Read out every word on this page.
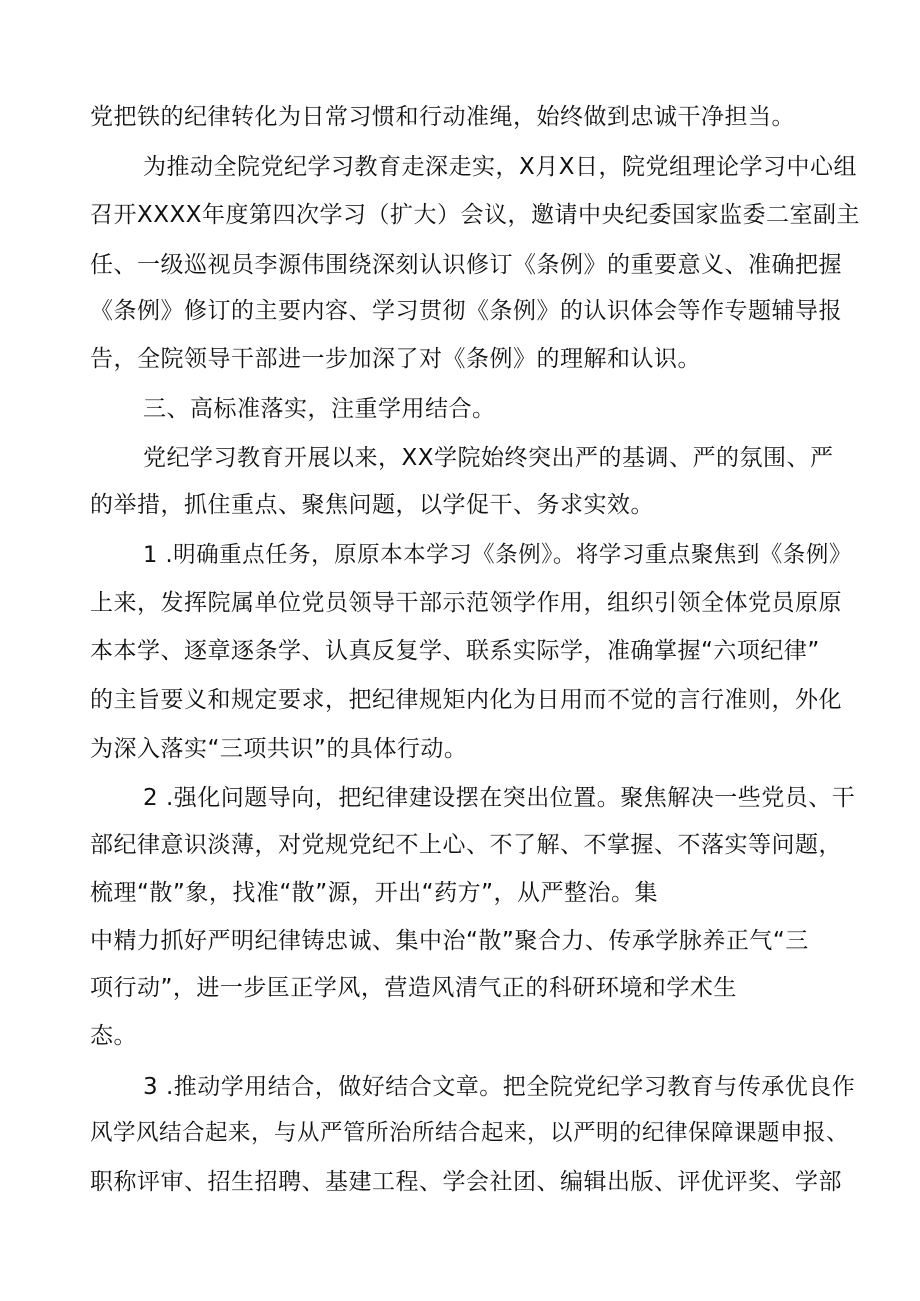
党把铁的纪律转化为日常习惯和行动准绳，始终做到忠诚干净担当。
为推动全院党纪学习教育走深走实，X月X日，院党组理论学习中心组
召开XXXX年度第四次学习（扩大）会议，邀请中央纪委国家监委二室副主
任、一级巡视员李源伟围绕深刻认识修订《条例》的重要意义、准确把握
《条例》修订的主要内容、学习贯彻《条例》的认识体会等作专题辅导报
告，全院领导干部进一步加深了对《条例》的理解和认识。
三、高标准落实，注重学用结合。
党纪学习教育开展以来，XX学院始终突出严的基调、严的氛围、严
的举措，抓住重点、聚焦问题，以学促干、务求实效。
1 .明确重点任务，原原本本学习《条例》。将学习重点聚焦到《条例》
上来，发挥院属单位党员领导干部示范领学作用，组织引领全体党员原原
本本学、逐章逐条学、认真反复学、联系实际学，准确掌握“六项纪律”
的主旨要义和规定要求，把纪律规矩内化为日用而不觉的言行准则，外化
为深入落实“三项共识”的具体行动。
2 .强化问题导向，把纪律建设摆在突出位置。聚焦解决一些党员、干
部纪律意识淡薄，对党规党纪不上心、不了解、不掌握、不落实等问题，
梳理“散”象，找准“散”源，开出“药方”，从严整治。集
中精力抓好严明纪律铸忠诚、集中治“散”聚合力、传承学脉养正气“三
项行动”，进一步匡正学风，营造风清气正的科研环境和学术生
态。
3 .推动学用结合，做好结合文章。把全院党纪学习教育与传承优良作
风学风结合起来，与从严管所治所结合起来，以严明的纪律保障课题申报、
职称评审、招生招聘、基建工程、学会社团、编辑出版、评优评奖、学部
